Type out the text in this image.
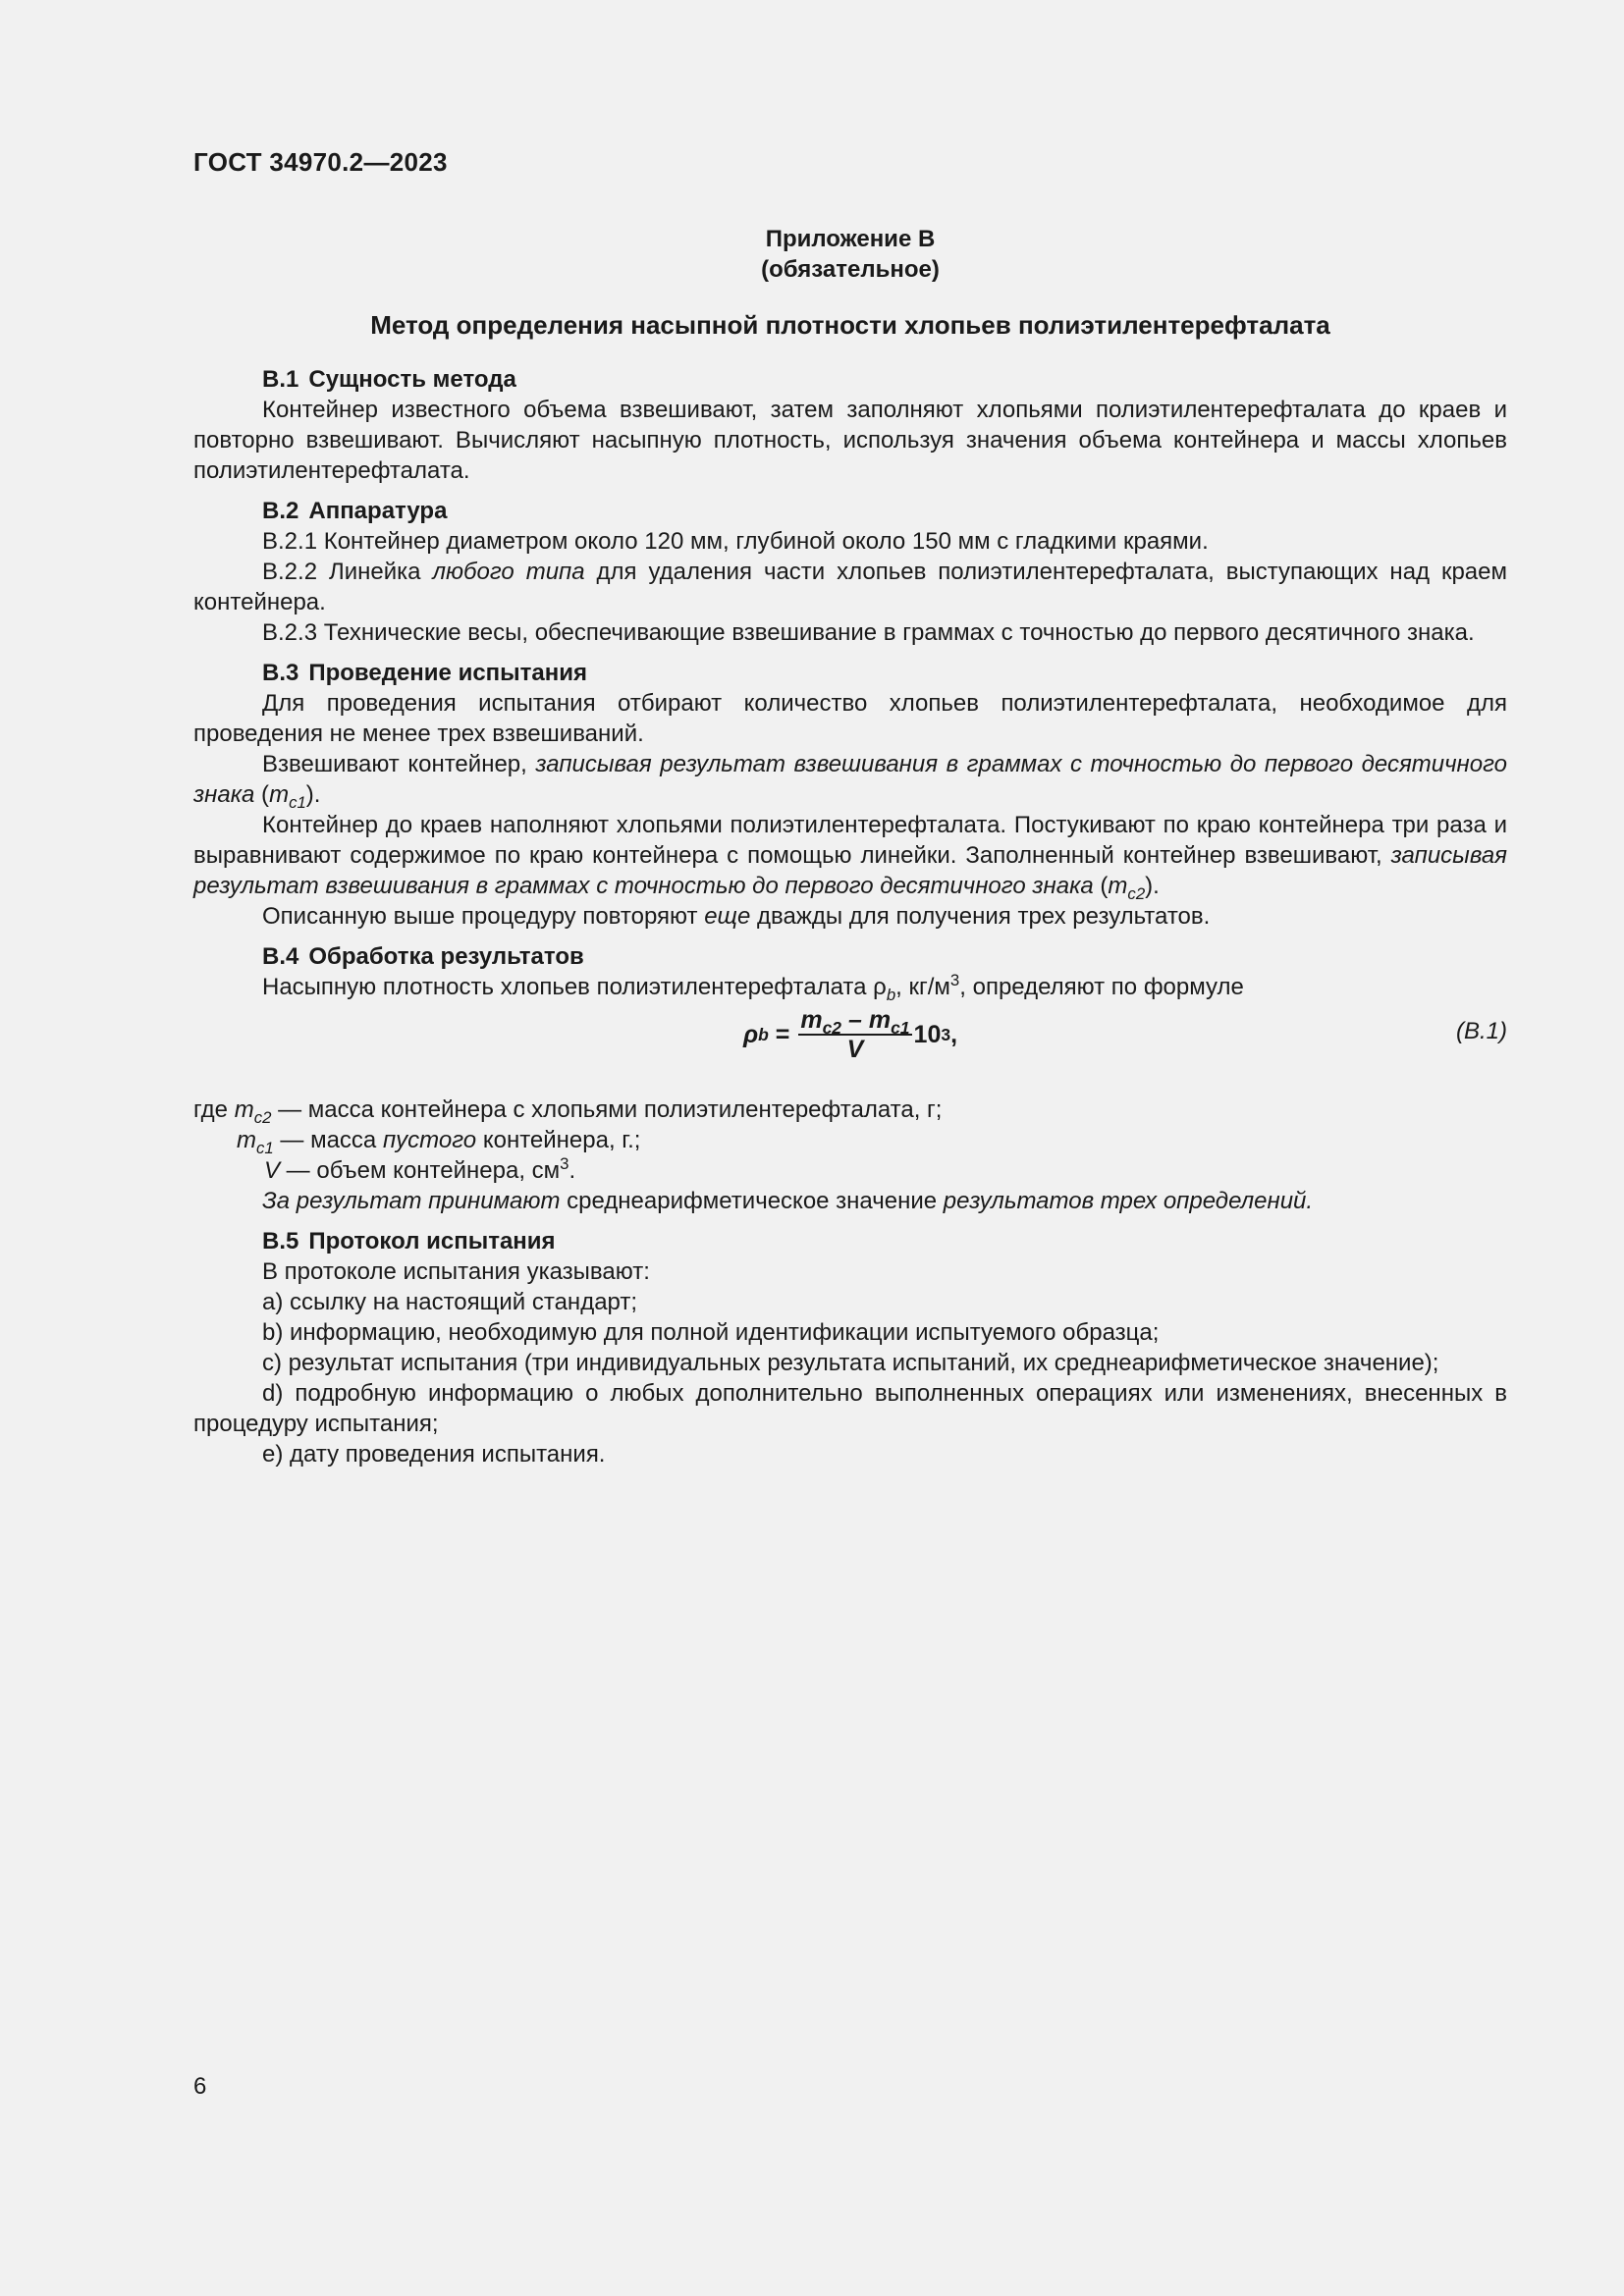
ГОСТ 34970.2—2023
Приложение В
(обязательное)
Метод определения насыпной плотности хлопьев полиэтилентерефталата
В.1 Сущность метода

Контейнер известного объема взвешивают, затем заполняют хлопьями полиэтилентерефталата до краев и повторно взвешивают. Вычисляют насыпную плотность, используя значения объема контейнера и массы хлопьев полиэтилентерефталата.

В.2 Аппаратура

В.2.1 Контейнер диаметром около 120 мм, глубиной около 150 мм с гладкими краями.

В.2.2 Линейка любого типа для удаления части хлопьев полиэтилентерефталата, выступающих над краем контейнера.

В.2.3 Технические весы, обеспечивающие взвешивание в граммах с точностью до первого десятичного знака.

В.3 Проведение испытания

Для проведения испытания отбирают количество хлопьев полиэтилентерефталата, необходимое для проведения не менее трех взвешиваний.

Взвешивают контейнер, записывая результат взвешивания в граммах с точностью до первого десятичного знака $(m_{c1})$.

Контейнер до краев наполняют хлопьями полиэтилентерефталата. Постукивают по краю контейнера три раза и выравнивают содержимое по краю контейнера с помощью линейки. Заполненный контейнер взвешивают, записывая результат взвешивания в граммах с точностью до первого десятичного знака $(m_{c2})$.

Описанную выше процедуру повторяют еще дважды для получения трех результатов.

В.4 Обработка результатов

Насыпную плотность хлопьев полиэтилентерефталата $\rho_b$, $кг/м^3$, определяют по формуле

ρ $b = \frac{m_{c2} - m_{c1}}{V} 10$ 3 ,	(В.1)
где $m_{c2}$ — масса контейнера с хлопьями полиэтилентерефталата, г;
$m_{c1}$ — масса пустого контейнера, г.;
V — объем контейнера, $см^3$.

За результат принимают среднеарифметическое значение результатов трех определений.

В.5 Протокол испытания

В протоколе испытания указывают:

a) ссылку на настоящий стандарт;

b) информацию, необходимую для полной идентификации испытуемого образца;

c) результат испытания (три индивидуальных результата испытаний, их среднеарифметическое значение);

d) подробную информацию о любых дополнительно выполненных операциях или изменениях, внесенных в процедуру испытания;

e) дату проведения испытания.

6
